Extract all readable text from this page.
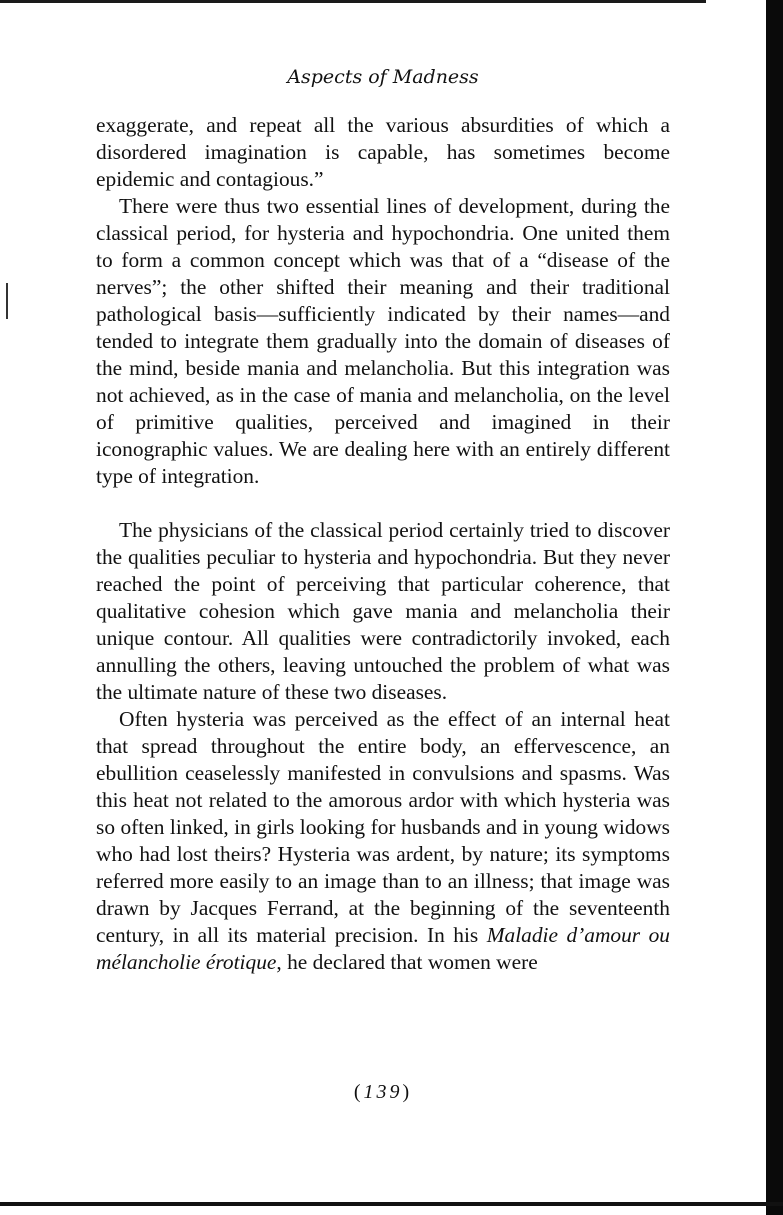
Aspects of Madness

exaggerate, and repeat all the various absurdities of which a disordered imagination is capable, has sometimes become epidemic and contagious.”

There were thus two essential lines of development, during the classical period, for hysteria and hypochondria. One united them to form a common concept which was that of a “disease of the nerves”; the other shifted their meaning and their traditional pathological basis—sufficiently indicated by their names—and tended to integrate them gradually into the domain of diseases of the mind, beside mania and melancholia. But this integration was not achieved, as in the case of mania and melancholia, on the level of primitive qualities, perceived and imagined in their iconographic values. We are dealing here with an entirely different type of integration.

The physicians of the classical period certainly tried to discover the qualities peculiar to hysteria and hypochondria. But they never reached the point of perceiving that particular coherence, that qualitative cohesion which gave mania and melancholia their unique contour. All qualities were contradictorily invoked, each annulling the others, leaving untouched the problem of what was the ultimate nature of these two diseases.

Often hysteria was perceived as the effect of an internal heat that spread throughout the entire body, an effervescence, an ebullition ceaselessly manifested in convulsions and spasms. Was this heat not related to the amorous ardor with which hysteria was so often linked, in girls looking for husbands and in young widows who had lost theirs? Hysteria was ardent, by nature; its symptoms referred more easily to an image than to an illness; that image was drawn by Jacques Ferrand, at the beginning of the seventeenth century, in all its material precision. In his Maladie d’amour ou mélancholie érotique, he declared that women were

(139)
